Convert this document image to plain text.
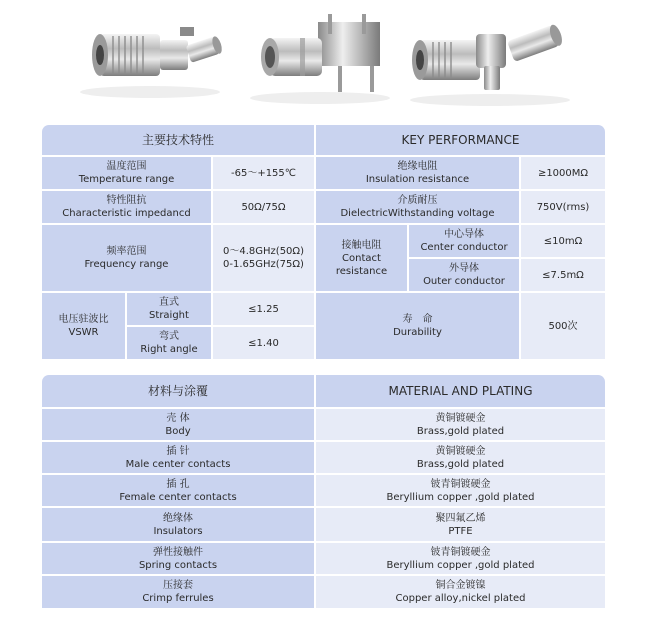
主要技术特性	KEY PERFORMANCE
温度范围
Temperature range
-65～+155℃
特性阻抗
Characteristic impedancd
50Ω/75Ω
频率范围
Frequency range
0～4.8GHz(50Ω)
0-1.65GHz(75Ω)
电压驻波比
VSWR
直式
Straight
≤1.25
弯式
Right angle
≤1.40
绝缘电阻
Insulation resistance
≥1000MΩ
介质耐压
DielectricWithstanding voltage
750V(rms)
接触电阻
Contact
resistance
中心导体
Center conductor
≤10mΩ
外导体
Outer conductor
≤7.5mΩ
寿　命
Durability
500次
材料与涂覆	MATERIAL AND PLATING
壳 体
Body
黄铜镀硬金
Brass,gold plated
插 针
Male center contacts
黄铜镀硬金
Brass,gold plated
插 孔
Female center contacts
铍青铜镀硬金
Beryllium copper ,gold plated
绝缘体
Insulators
聚四氟乙烯
PTFE
弹性接触件
Spring contacts
铍青铜镀硬金
Beryllium copper ,gold plated
压接套
Crimp ferrules
铜合金镀镍
Copper alloy,nickel plated
